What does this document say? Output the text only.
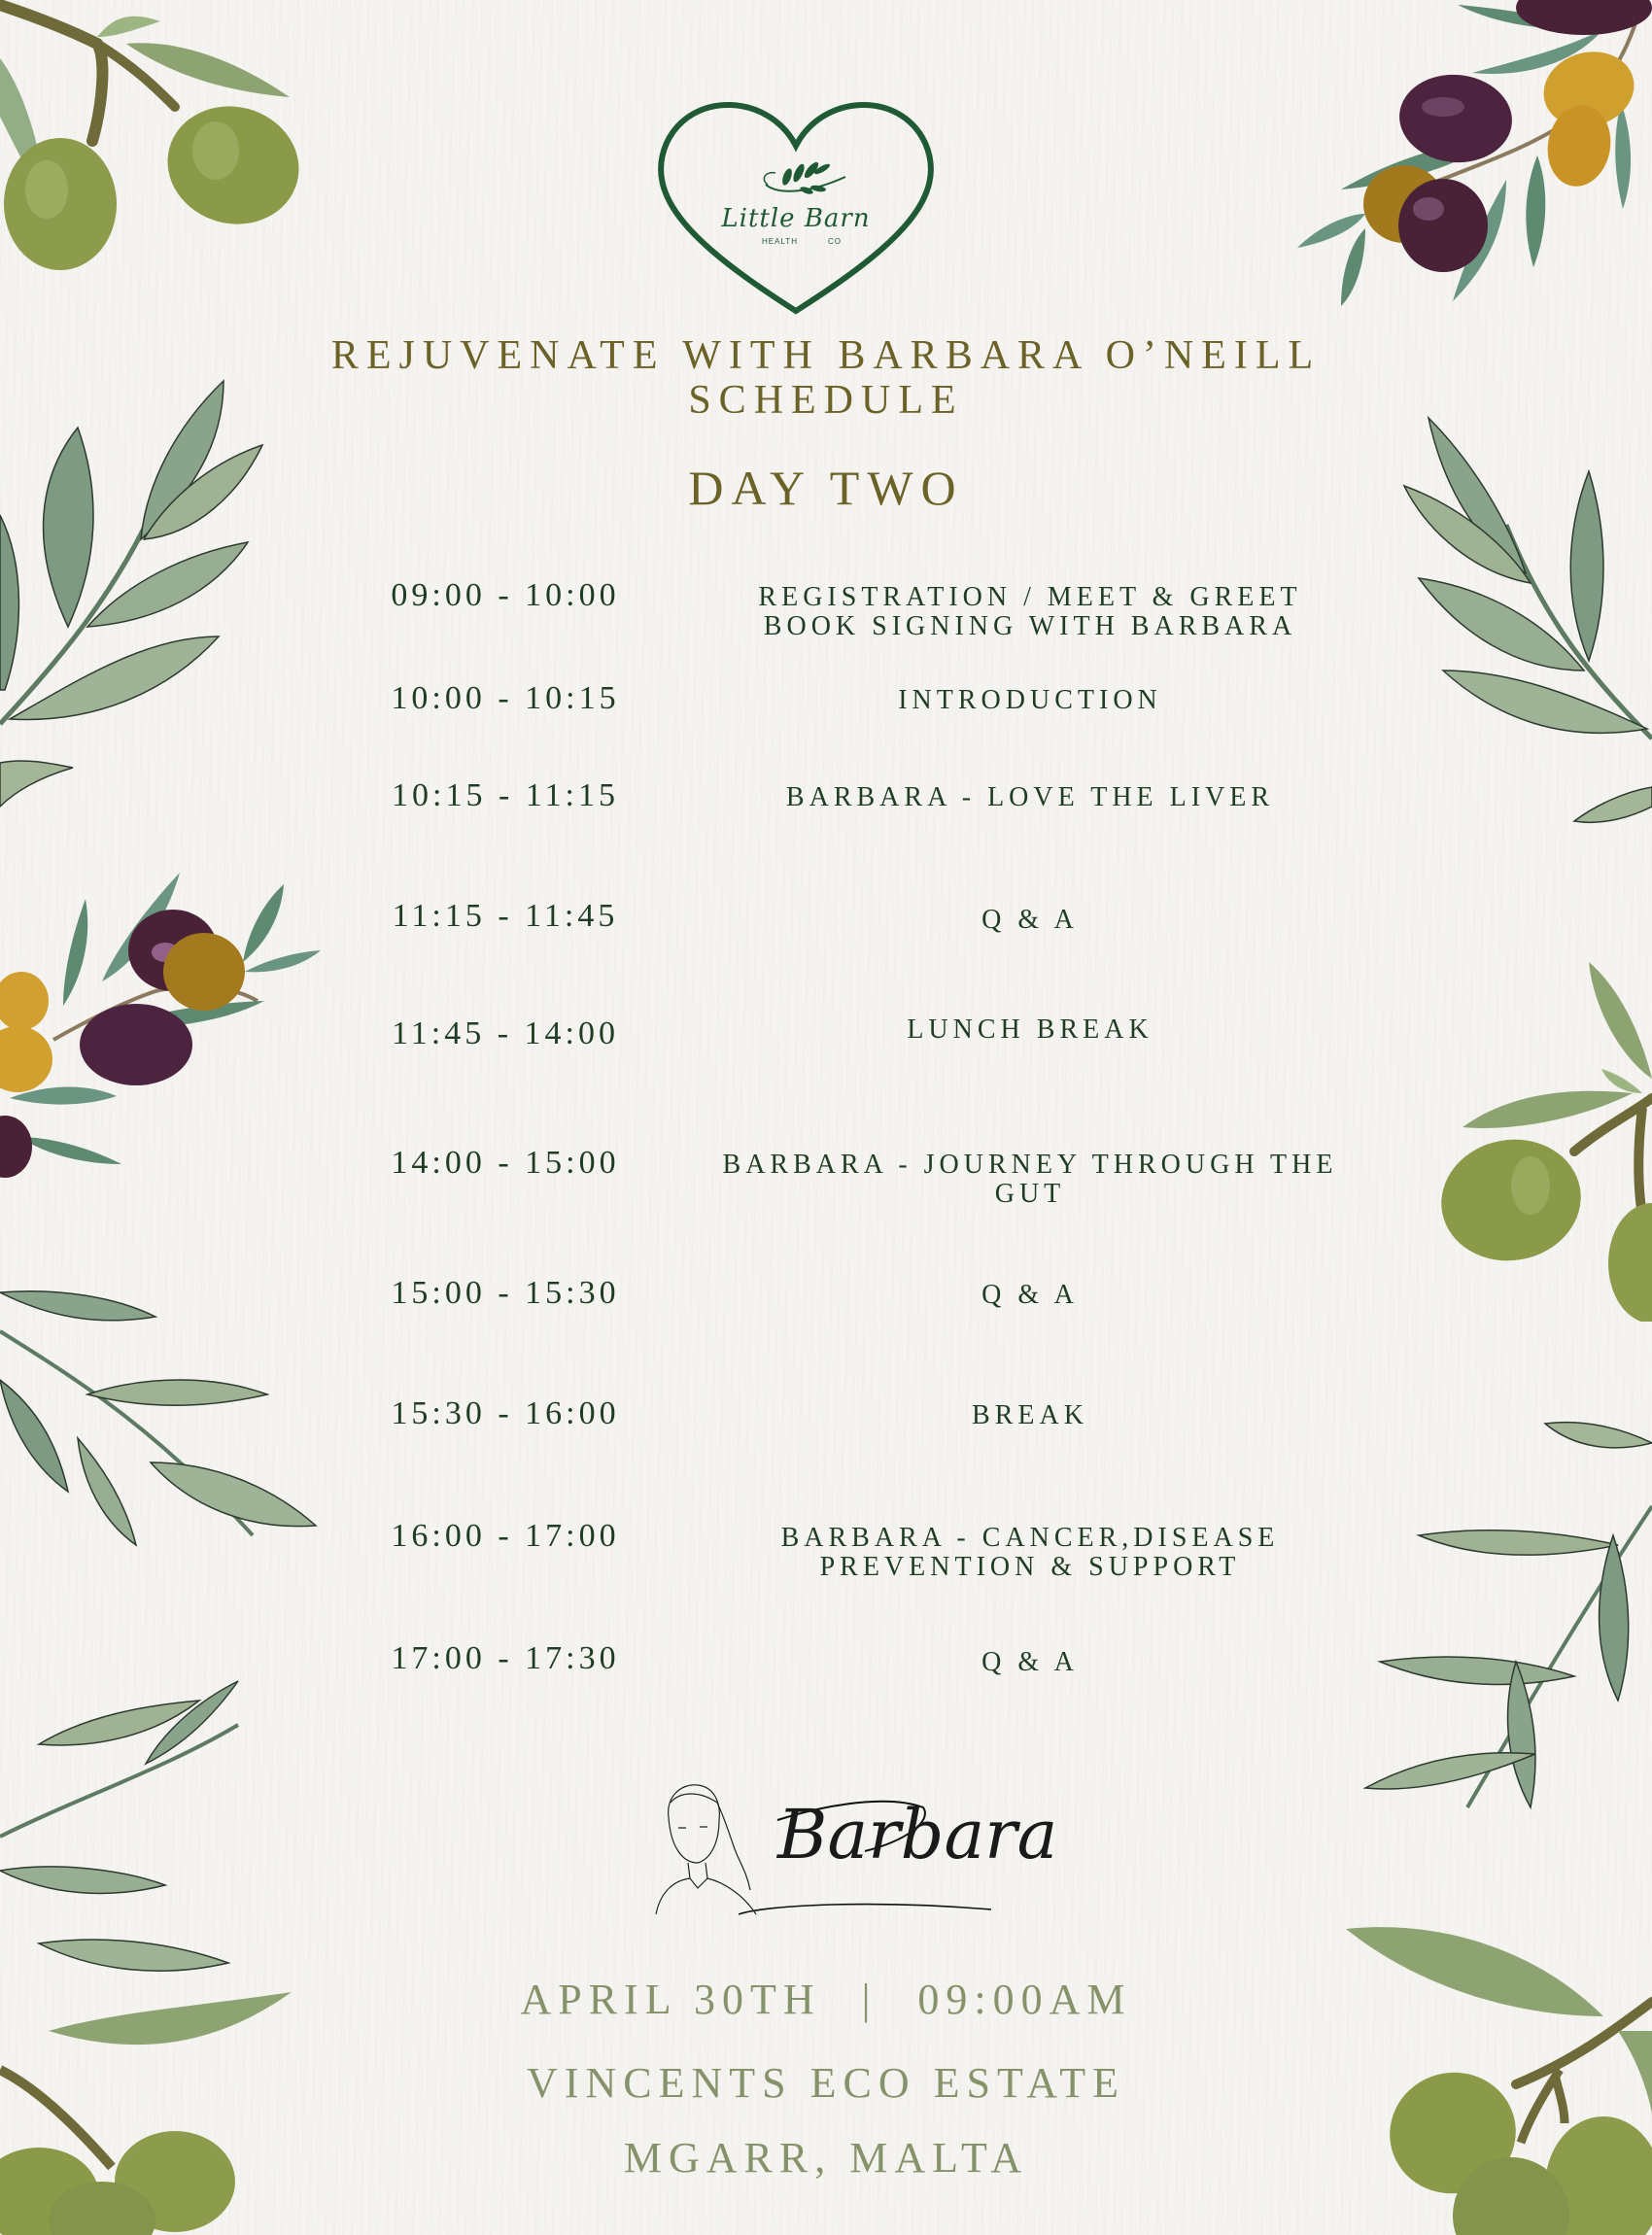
Little Barn
HEALTH	CO
REJUVENATE WITH BARBARA O’NEILL
SCHEDULE
DAY TWO
09:00 - 10:00	REGISTRATION / MEET & GREET
BOOK SIGNING WITH BARBARA
10:00 - 10:15	INTRODUCTION
10:15 - 11:15	BARBARA - LOVE THE LIVER
11:15 - 11:45	Q & A
11:45 - 14:00	LUNCH BREAK
14:00 - 15:00	BARBARA - JOURNEY THROUGH THE
GUT
15:00 - 15:30	Q & A
15:30 - 16:00	BREAK
16:00 - 17:00	BARBARA - CANCER,DISEASE
PREVENTION & SUPPORT
17:00 - 17:30	Q & A
Barbara
APRIL 30TH | 09:00AM
VINCENTS ECO ESTATE
MGARR, MALTA
